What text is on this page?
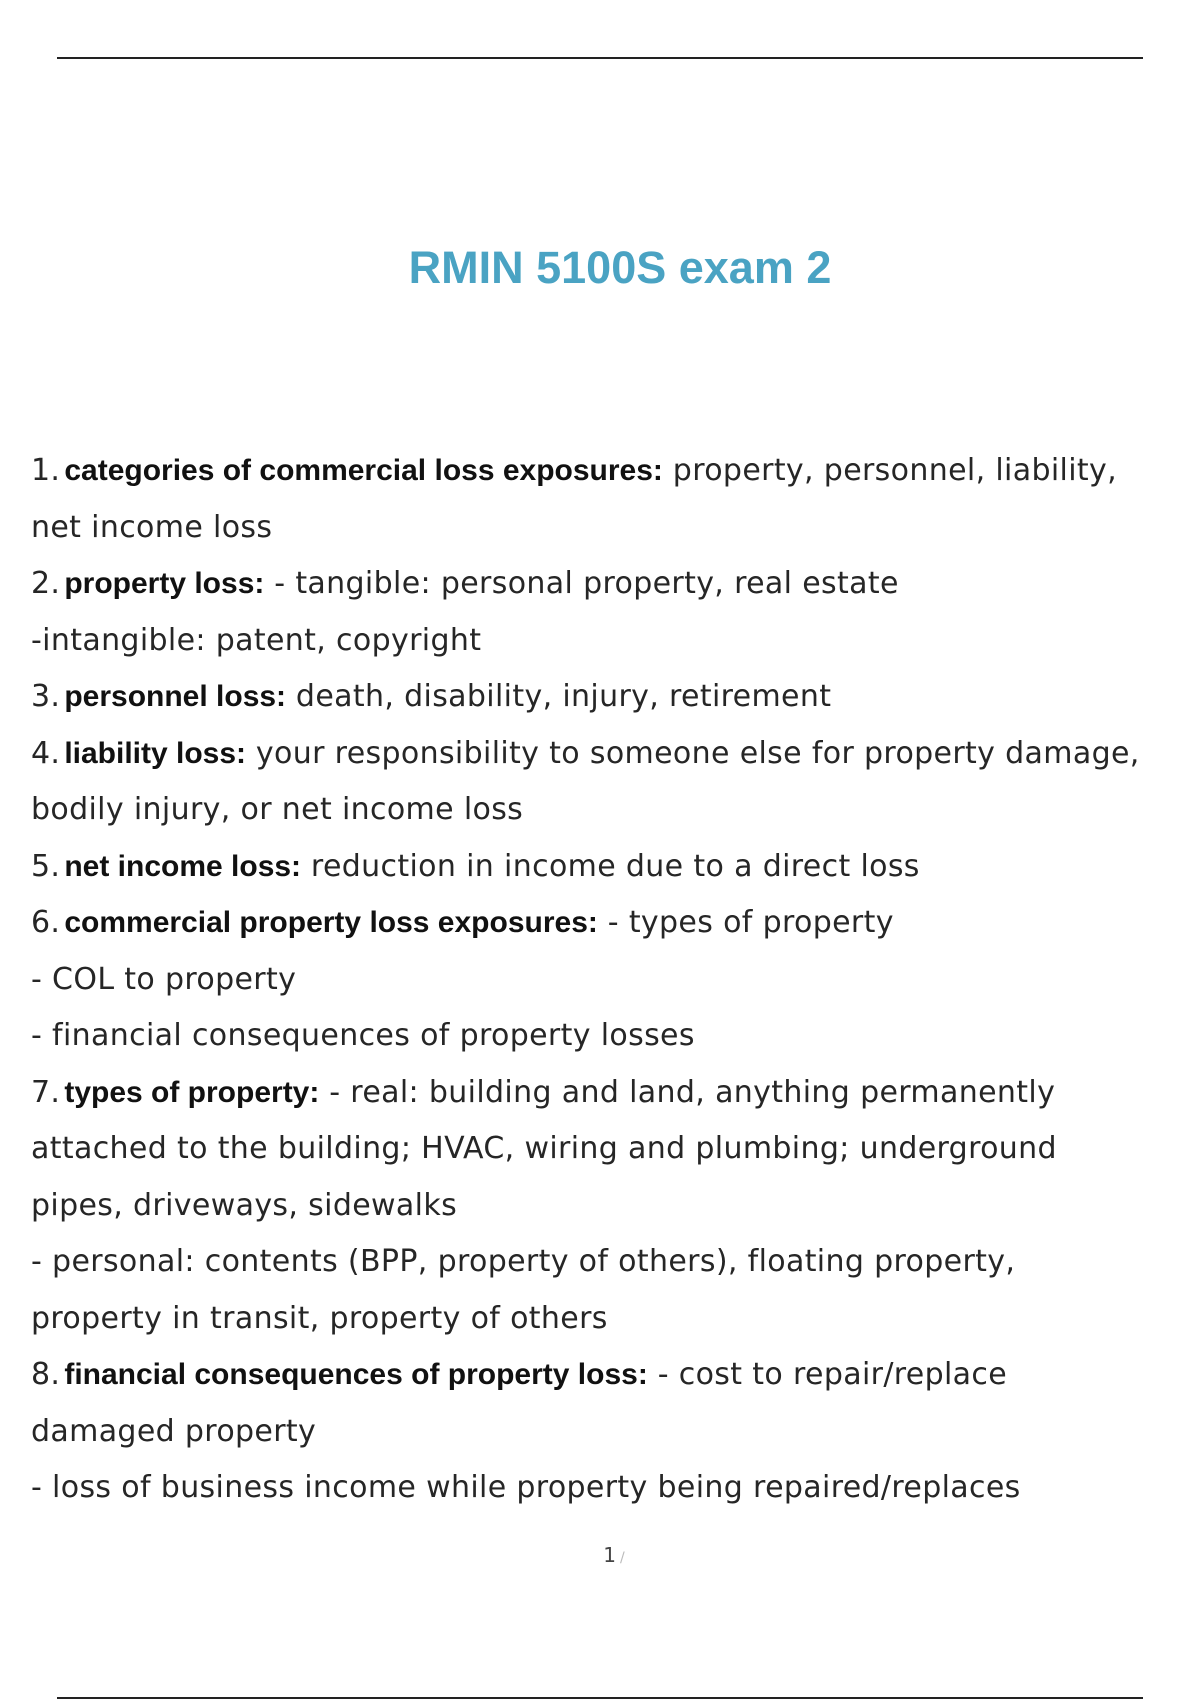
RMIN 5100S exam 2

1. categories of commercial loss exposures: property, personnel, liability, net income loss

2. property loss: - tangible: personal property, real estate
-intangible: patent, copyright

3. personnel loss: death, disability, injury, retirement

4. liability loss: your responsibility to someone else for property damage, bodily injury, or net income loss

5. net income loss: reduction in income due to a direct loss

6. commercial property loss exposures: - types of property
- COL to property
- financial consequences of property losses

7. types of property: - real: building and land, anything permanently attached to the building; HVAC, wiring and plumbing; underground pipes, driveways, sidewalks
- personal: contents (BPP, property of others), floating property, property in transit, property of others

8. financial consequences of property loss: - cost to repair/replace damaged property
- loss of business income while property being repaired/replaces

1 /
